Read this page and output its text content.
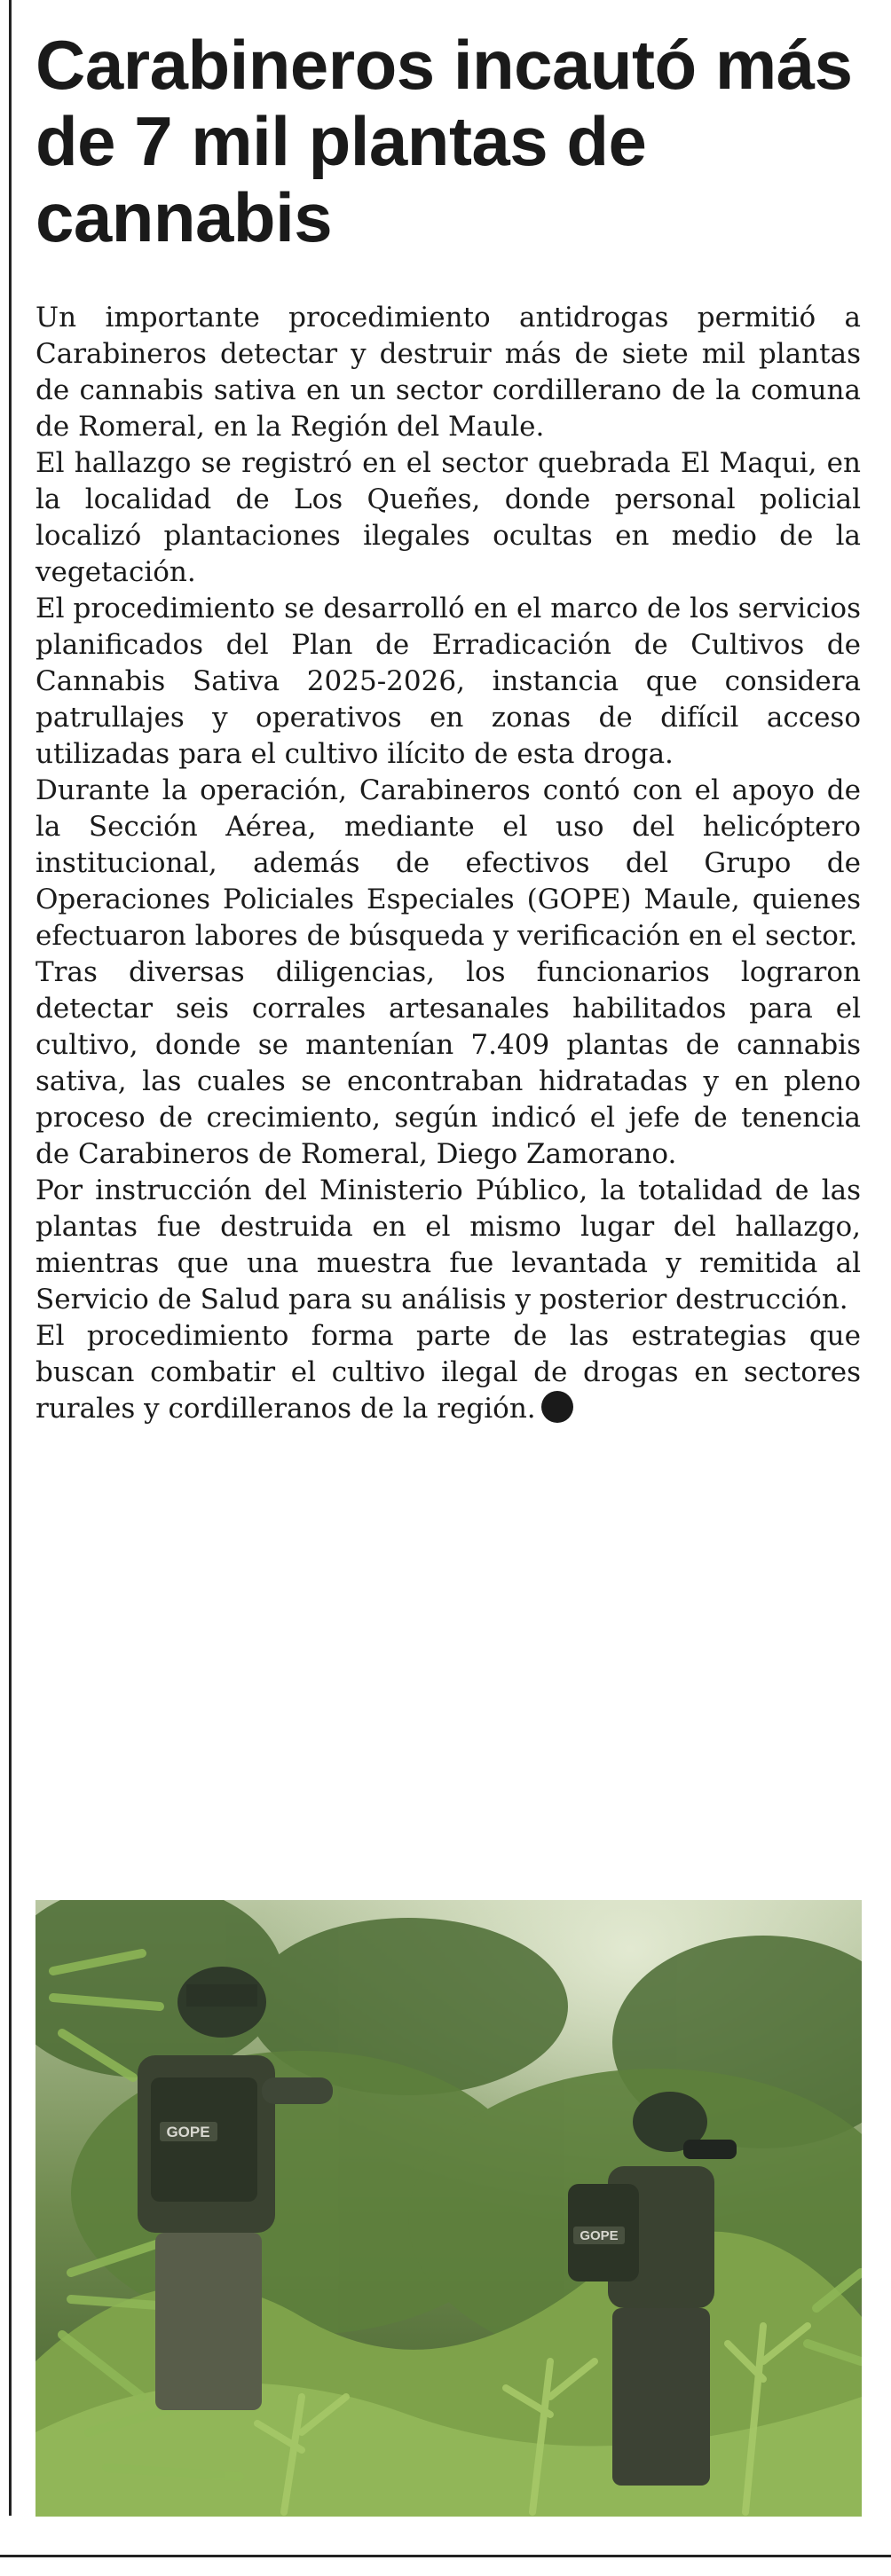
Carabineros incautó más de 7 mil plantas de cannabis

Un importante procedimiento antidrogas permitió a Carabineros detectar y destruir más de siete mil plantas de cannabis sativa en un sector cordillerano de la comuna de Romeral, en la Región del Maule.

El hallazgo se registró en el sector quebrada El Maqui, en la localidad de Los Queñes, donde personal policial localizó plantaciones ilegales ocultas en medio de la vegetación.

El procedimiento se desarrolló en el marco de los servicios planificados del Plan de Erradicación de Cultivos de Cannabis Sativa 2025-2026, instancia que considera patrullajes y operativos en zonas de difícil acceso utilizadas para el cultivo ilícito de esta droga.

Durante la operación, Carabineros contó con el apoyo de la Sección Aérea, mediante el uso del helicóptero institucional, además de efectivos del Grupo de Operaciones Policiales Especiales (GOPE) Maule, quienes efectuaron labores de búsqueda y verificación en el sector.

Tras diversas diligencias, los funcionarios lograron detectar seis corrales artesanales habilitados para el cultivo, donde se mantenían 7.409 plantas de cannabis sativa, las cuales se encontraban hidratadas y en pleno proceso de crecimiento, según indicó el jefe de tenencia de Carabineros de Romeral, Diego Zamorano.

Por instrucción del Ministerio Público, la totalidad de las plantas fue destruida en el mismo lugar del hallazgo, mientras que una muestra fue levantada y remitida al Servicio de Salud para su análisis y posterior destrucción.

El procedimiento forma parte de las estrategias que buscan combatir el cultivo ilegal de drogas en sectores rurales y cordilleranos de la región.

GOPE
GOPE
